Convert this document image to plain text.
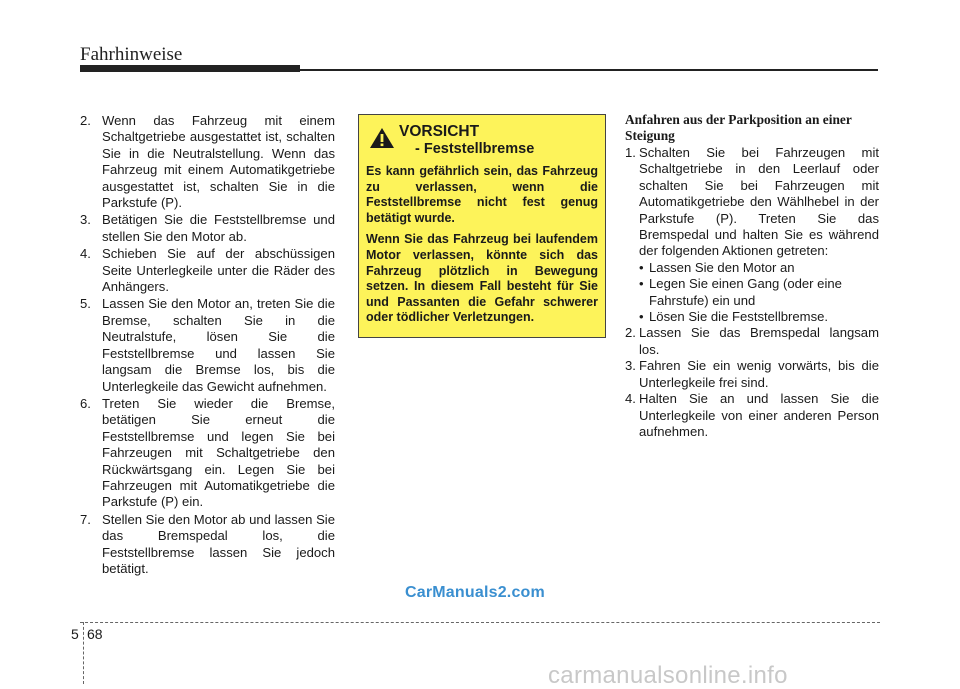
Fahrhinweise
2. Wenn das Fahrzeug mit einem Schaltgetriebe ausgestattet ist, schalten Sie in die Neutralstellung. Wenn das Fahrzeug mit einem Automatikgetriebe ausgestattet ist, schalten Sie in die Parkstufe (P).
3. Betätigen Sie die Feststellbremse und stellen Sie den Motor ab.
4. Schieben Sie auf der abschüssigen Seite Unterlegkeile unter die Räder des Anhängers.
5. Lassen Sie den Motor an, treten Sie die Bremse, schalten Sie in die Neutralstufe, lösen Sie die Feststellbremse und lassen Sie langsam die Bremse los, bis die Unterlegkeile das Gewicht aufnehmen.
6. Treten Sie wieder die Bremse, betätigen Sie erneut die Feststellbremse und legen Sie bei Fahrzeugen mit Schaltgetriebe den Rückwärtsgang ein. Legen Sie bei Fahrzeugen mit Automatikgetriebe die Parkstufe (P) ein.
7. Stellen Sie den Motor ab und lassen Sie das Bremspedal los, die Feststellbremse lassen Sie jedoch betätigt.
VORSICHT
- Feststellbremse

Es kann gefährlich sein, das Fahrzeug zu verlassen, wenn die Feststellbremse nicht fest genug betätigt wurde.

Wenn Sie das Fahrzeug bei laufendem Motor verlassen, könnte sich das Fahrzeug plötzlich in Bewegung setzen. In diesem Fall besteht für Sie und Passanten die Gefahr schwerer oder tödlicher Verletzungen.

Anfahren aus der Parkposition an einer Steigung
1. Schalten Sie bei Fahrzeugen mit Schaltgetriebe in den Leerlauf oder schalten Sie bei Fahrzeugen mit Automatikgetriebe den Wählhebel in der Parkstufe (P). Treten Sie das Bremspedal und halten Sie es während der folgenden Aktionen getreten:
• Lassen Sie den Motor an
• Legen Sie einen Gang (oder eine Fahrstufe) ein und
• Lösen Sie die Feststellbremse.
2. Lassen Sie das Bremspedal langsam los.
3. Fahren Sie ein wenig vorwärts, bis die Unterlegkeile frei sind.
4. Halten Sie an und lassen Sie die Unterlegkeile von einer anderen Person aufnehmen.
CarManuals2.com
5 68
carmanualsonline.info
